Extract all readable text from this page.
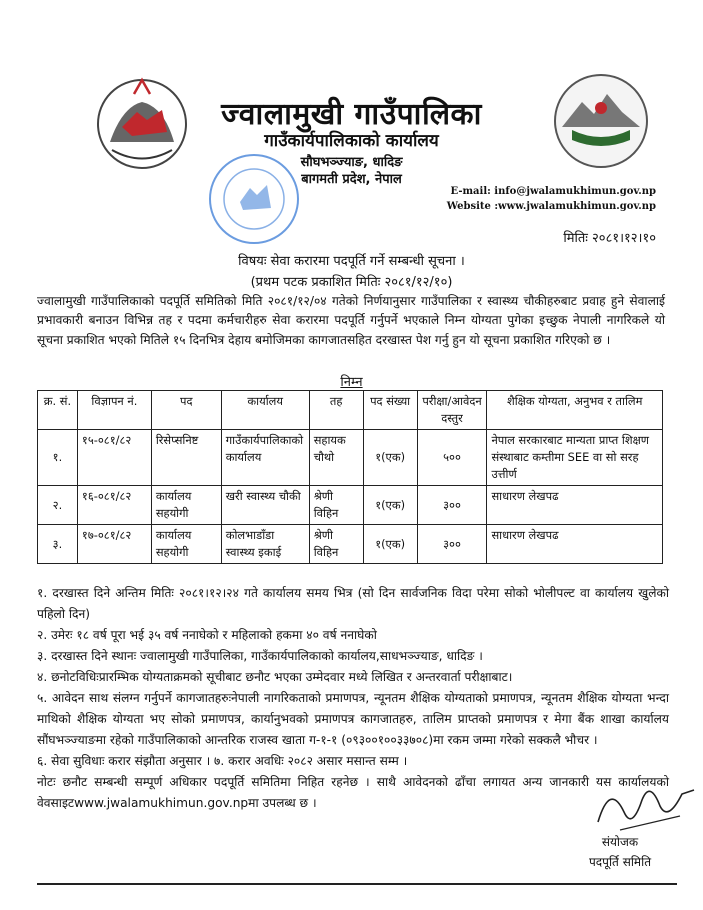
ज्वालामुखी गाउँपालिका
गाउँकार्यपालिकाको कार्यालय
सौघभञ्ज्याङ, धादिङ
बागमती प्रदेश, नेपाल
E-mail: info@jwalamukhimun.gov.np
Website :www.jwalamukhimun.gov.np
मितिः २०८१।१२।१०
विषयः सेवा करारमा पदपूर्ति गर्ने सम्बन्धी सूचना ।
(प्रथम पटक प्रकाशित मितिः २०८१/१२/१०)
ज्वालामुखी गाउँपालिकाको पदपूर्ति समितिको मिति २०८१/१२/०४ गतेको निर्णयानुसार गाउँपालिका र स्वास्थ्य चौकीहरुबाट प्रवाह हुने सेवालाई प्रभावकारी बनाउन विभिन्न तह र पदमा कर्मचारीहरु सेवा करारमा पदपूर्ति गर्नुपर्ने भएकाले निम्न योग्यता पुगेका इच्छुक नेपाली नागरिकले यो सूचना प्रकाशित भएको मितिले १५ दिनभित्र देहाय बमोजिमका कागजातसहित दरखास्त पेश गर्नु हुन यो सूचना प्रकाशित गरिएको छ ।
निम्न
क्र. सं.	विज्ञापन नं.	पद	कार्यालय	तह	पद संख्या	परीक्षा/आवेदन दस्तुर	शैक्षिक योग्यता, अनुभव र तालिम
१.	१५-०८१/८२	रिसेप्सनिष्ट	गाउँकार्यपालिकाको कार्यालय	सहायक चौथो	१(एक)	५००	नेपाल सरकारबाट मान्यता प्राप्त शिक्षण संस्थाबाट कम्तीमा SEE वा सो सरह उत्तीर्ण
२.	१६-०८१/८२	कार्यालय सहयोगी	खरी स्वास्थ्य चौकी	श्रेणी विहिन	१(एक)	३००	साधारण लेखपढ
३.	१७-०८१/८२	कार्यालय सहयोगी	कोलभाडाँडा स्वास्थ्य इकाई	श्रेणी विहिन	१(एक)	३००	साधारण लेखपढ
१. दरखास्त दिने अन्तिम मितिः २०८१।१२।२४ गते कार्यालय समय भित्र (सो दिन सार्वजनिक विदा परेमा सोको भोलीपल्ट वा कार्यालय खुलेको पहिलो दिन)
२. उमेरः १८ वर्ष पूरा भई ३५ वर्ष ननाघेको र महिलाको हकमा ४० वर्ष ननाघेको
३. दरखास्त दिने स्थानः ज्वालामुखी गाउँपालिका, गाउँकार्यपालिकाको कार्यालय,साधभञ्ज्याङ, धादिङ ।
४. छनोटविधिःप्रारम्भिक योग्यताक्रमको सूचीबाट छनौट भएका उम्मेदवार मध्ये लिखित र अन्तरवार्ता परीक्षाबाट।
५. आवेदन साथ संलग्न गर्नुपर्ने कागजातहरुःनेपाली नागरिकताको प्रमाणपत्र, न्यूनतम शैक्षिक योग्यताको प्रमाणपत्र, न्यूनतम शैक्षिक योग्यता भन्दा माथिको शैक्षिक योग्यता भए सोको प्रमाणपत्र, कार्यानुभवको प्रमाणपत्र कागजातहरु, तालिम प्राप्तको प्रमाणपत्र र मेगा बैंक शाखा कार्यालय सौंघभञ्ज्याङमा रहेको गाउँपालिकाको आन्तरिक राजस्व खाता ग-१-१ (०९३००१००३३७०८)मा रकम जम्मा गरेको सक्कलै भौचर ।
६. सेवा सुविधाः करार संझौता अनुसार । ७. करार अवधिः २०८२ असार मसान्त सम्म ।
नोटः छनौट सम्बन्धी सम्पूर्ण अधिकार पदपूर्ति समितिमा निहित रहनेछ । साथै आवेदनको ढाँचा लगायत अन्य जानकारी यस कार्यालयको वेवसाइटwww.jwalamukhimun.gov.npमा उपलब्ध छ ।
संयोजक
पदपूर्ति समिति
